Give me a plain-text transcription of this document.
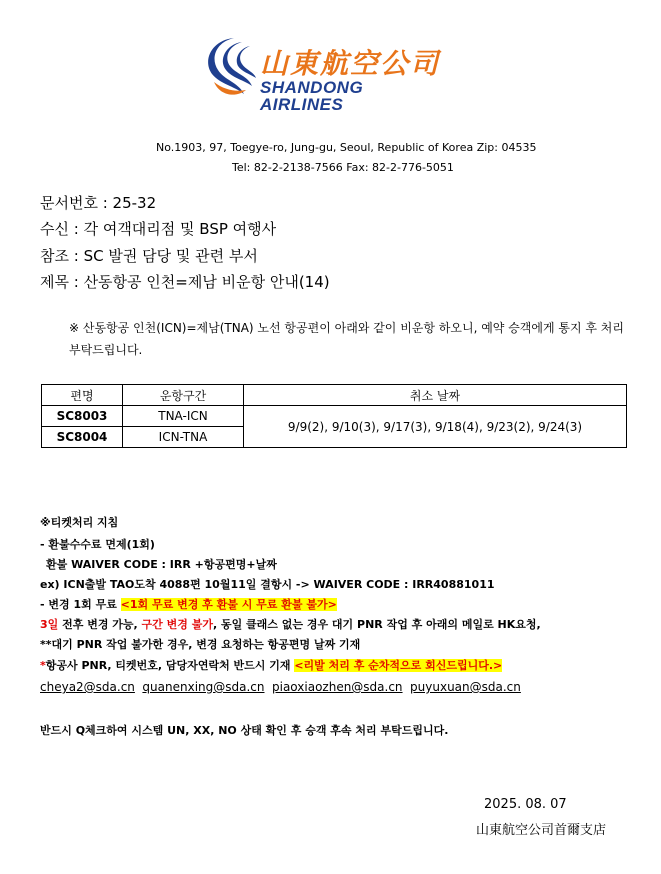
山東航空公司
SHANDONG
AIRLINES
No.1903, 97, Toegye-ro, Jung-gu, Seoul, Republic of Korea Zip: 04535
Tel: 82-2-2138-7566 Fax: 82-2-776-5051
문서번호 : 25-32
수신 : 각 여객대리점 및 BSP 여행사
참조 : SC 발권 담당 및 관련 부서
제목 : 산동항공 인천=제남 비운항 안내(14)
※ 산동항공 인천(ICN)=제남(TNA) 노선 항공편이 아래와 같이 비운항 하오니, 예약 승객에게 통지 후 처리 부탁드립니다.
편명	운항구간	취소 날짜
SC8003	TNA-ICN	9/9(2), 9/10(3), 9/17(3), 9/18(4), 9/23(2), 9/24(3)
SC8004	ICN-TNA	
※티켓처리 지침
- 환불수수료 면제(1회)
환불 WAIVER CODE : IRR +항공편명+날짜
ex) ICN출발 TAO도착 4088편 10월11일 결항시 -> WAIVER CODE : IRR40881011
- 변경 1회 무료 <1회 무료 변경 후 환불 시 무료 환불 불가>
3일 전후 변경 가능, 구간 변경 불가, 동일 클래스 없는 경우 대기 PNR 작업 후 아래의 메일로 HK요청,
**대기 PNR 작업 불가한 경우, 변경 요청하는 항공편명 날짜 기재
*항공사 PNR, 티켓번호, 담당자연락처 반드시 기재 <리발 처리 후 순차적으로 회신드립니다.>
cheya2@sda.cn quanenxing@sda.cn piaoxiaozhen@sda.cn puyuxuan@sda.cn
반드시 Q체크하여 시스템 UN, XX, NO 상태 확인 후 승객 후속 처리 부탁드립니다.
2025. 08. 07
山東航空公司首爾支店
